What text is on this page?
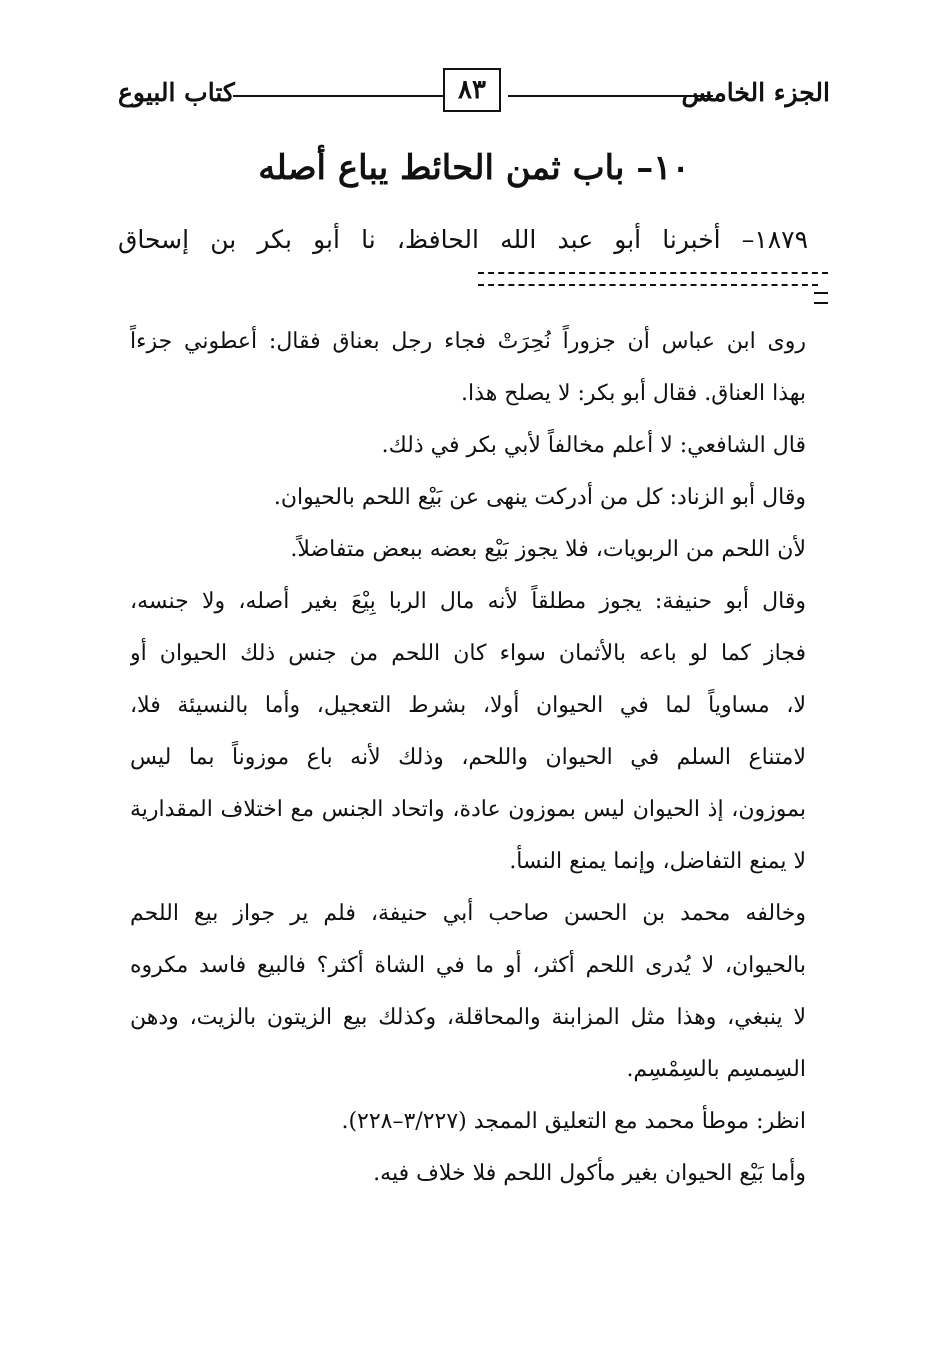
الجزء الخامس
٨٣
كتاب البيوع
١٠– باب ثمن الحائط يباع أصله
١٨٧٩– أخبرنا أبو عبد الله الحافظ، نا أبو بكر بن إسحاق
روى ابن عباس أن جزوراً نُحِرَتْ فجاء رجل بعناق فقال: أعطوني جزءاً
بهذا العناق. فقال أبو بكر: لا يصلح هذا.
قال الشافعي: لا أعلم مخالفاً لأبي بكر في ذلك.
وقال أبو الزناد: كل من أدركت ينهى عن بَيْع اللحم بالحيوان.
لأن اللحم من الربويات، فلا يجوز بَيْع بعضه ببعض متفاضلاً.
وقال أبو حنيفة: يجوز مطلقاً لأنه مال الربا بِيْعَ بغير أصله، ولا جنسه،
فجاز كما لو باعه بالأثمان سواء كان اللحم من جنس ذلك الحيوان أو
لا، مساوياً لما في الحيوان أولا، بشرط التعجيل، وأما بالنسيئة فلا،
لامتناع السلم في الحيوان واللحم، وذلك لأنه باع موزوناً بما ليس
بموزون، إذ الحيوان ليس بموزون عادة، واتحاد الجنس مع اختلاف المقدارية
لا يمنع التفاضل، وإنما يمنع النسأ.
وخالفه محمد بن الحسن صاحب أبي حنيفة، فلم ير جواز بيع اللحم
بالحيوان، لا يُدرى اللحم أكثر، أو ما في الشاة أكثر؟ فالبيع فاسد مكروه
لا ينبغي، وهذا مثل المزابنة والمحاقلة، وكذلك بيع الزيتون بالزيت، ودهن
السِمسِم بالسِمْسِم.
انظر: موطأ محمد مع التعليق الممجد (٣/٢٢٧–٢٢٨).
وأما بَيْع الحيوان بغير مأكول اللحم فلا خلاف فيه.
